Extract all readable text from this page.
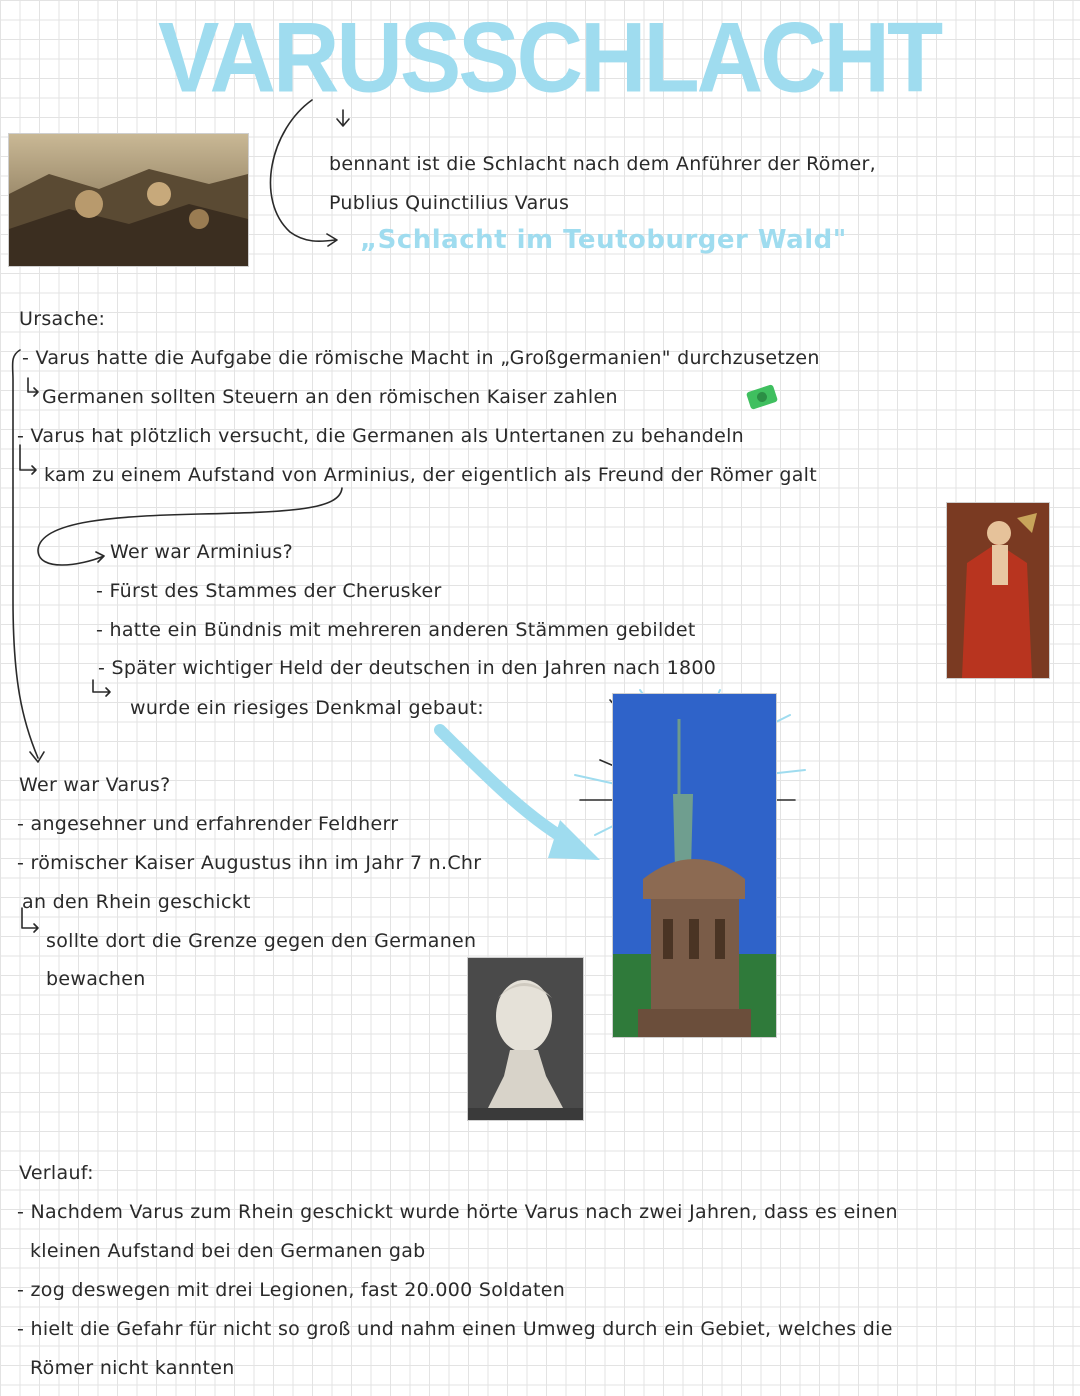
VARUSSCHLACHT
bennant ist die Schlacht nach dem Anführer der Römer,
Publius Quinctilius Varus
„Schlacht im Teutoburger Wald"
Ursache:
- Varus hatte die Aufgabe die römische Macht in „Großgermanien" durchzusetzen
Germanen sollten Steuern an den römischen Kaiser zahlen
- Varus hat plötzlich versucht, die Germanen als Untertanen zu behandeln
kam zu einem Aufstand von Arminius, der eigentlich als Freund der Römer galt
Wer war Arminius?
- Fürst des Stammes der Cherusker
- hatte ein Bündnis mit mehreren anderen Stämmen gebildet
- Später wichtiger Held der deutschen in den Jahren nach 1800
wurde ein riesiges Denkmal gebaut:
Wer war Varus?
- angesehner und erfahrender Feldherr
- römischer Kaiser Augustus ihn im Jahr 7 n.Chr
an den Rhein geschickt
sollte dort die Grenze gegen den Germanen
bewachen
Verlauf:
- Nachdem Varus zum Rhein geschickt wurde hörte Varus nach zwei Jahren, dass es einen
kleinen Aufstand bei den Germanen gab
- zog deswegen mit drei Legionen, fast 20.000 Soldaten
- hielt die Gefahr für nicht so groß und nahm einen Umweg durch ein Gebiet, welches die
Römer nicht kannten
